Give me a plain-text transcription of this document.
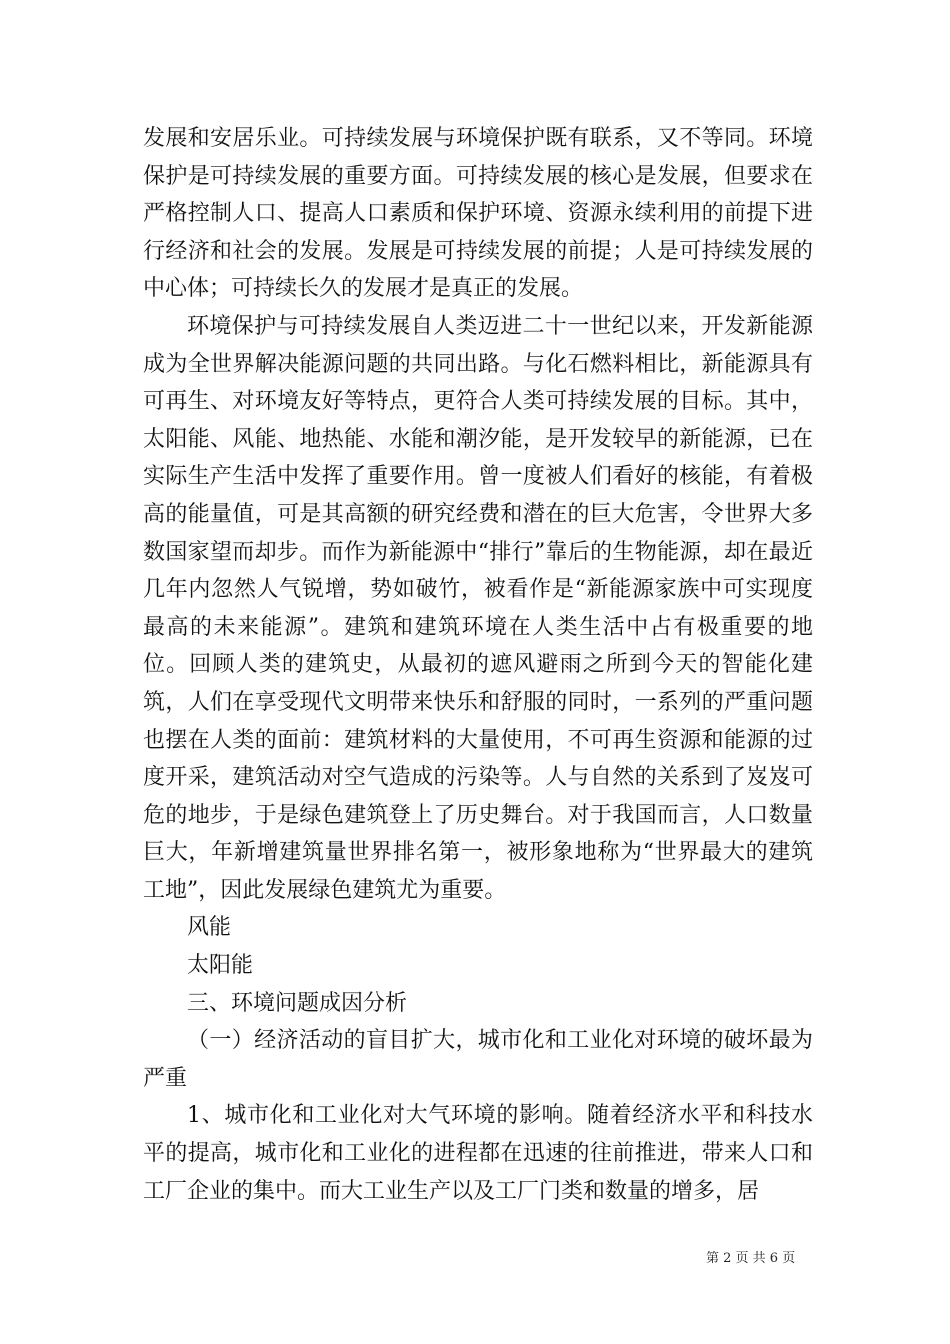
发展和安居乐业。可持续发展与环境保护既有联系，又不等同。环境保护是可持续发展的重要方面。可持续发展的核心是发展，但要求在严格控制人口、提高人口素质和保护环境、资源永续利用的前提下进行经济和社会的发展。发展是可持续发展的前提；人是可持续发展的中心体；可持续长久的发展才是真正的发展。

环境保护与可持续发展自人类迈进二十一世纪以来，开发新能源成为全世界解决能源问题的共同出路。与化石燃料相比，新能源具有可再生、对环境友好等特点，更符合人类可持续发展的目标。其中，太阳能、风能、地热能、水能和潮汐能，是开发较早的新能源，已在实际生产生活中发挥了重要作用。曾一度被人们看好的核能，有着极高的能量值，可是其高额的研究经费和潜在的巨大危害，令世界大多数国家望而却步。而作为新能源中“排行”靠后的生物能源，却在最近几年内忽然人气锐增，势如破竹，被看作是“新能源家族中可实现度最高的未来能源”。建筑和建筑环境在人类生活中占有极重要的地位。回顾人类的建筑史，从最初的遮风避雨之所到今天的智能化建筑，人们在享受现代文明带来快乐和舒服的同时，一系列的严重问题也摆在人类的面前：建筑材料的大量使用，不可再生资源和能源的过度开采，建筑活动对空气造成的污染等。人与自然的关系到了岌岌可危的地步，于是绿色建筑登上了历史舞台。对于我国而言，人口数量巨大，年新增建筑量世界排名第一，被形象地称为“世界最大的建筑工地”，因此发展绿色建筑尤为重要。

风能

太阳能

三、环境问题成因分析

（一）经济活动的盲目扩大，城市化和工业化对环境的破坏最为严重

1、城市化和工业化对大气环境的影响。随着经济水平和科技水平的提高，城市化和工业化的进程都在迅速的往前推进，带来人口和工厂企业的集中。而大工业生产以及工厂门类和数量的增多，居

第 2 页 共 6 页
